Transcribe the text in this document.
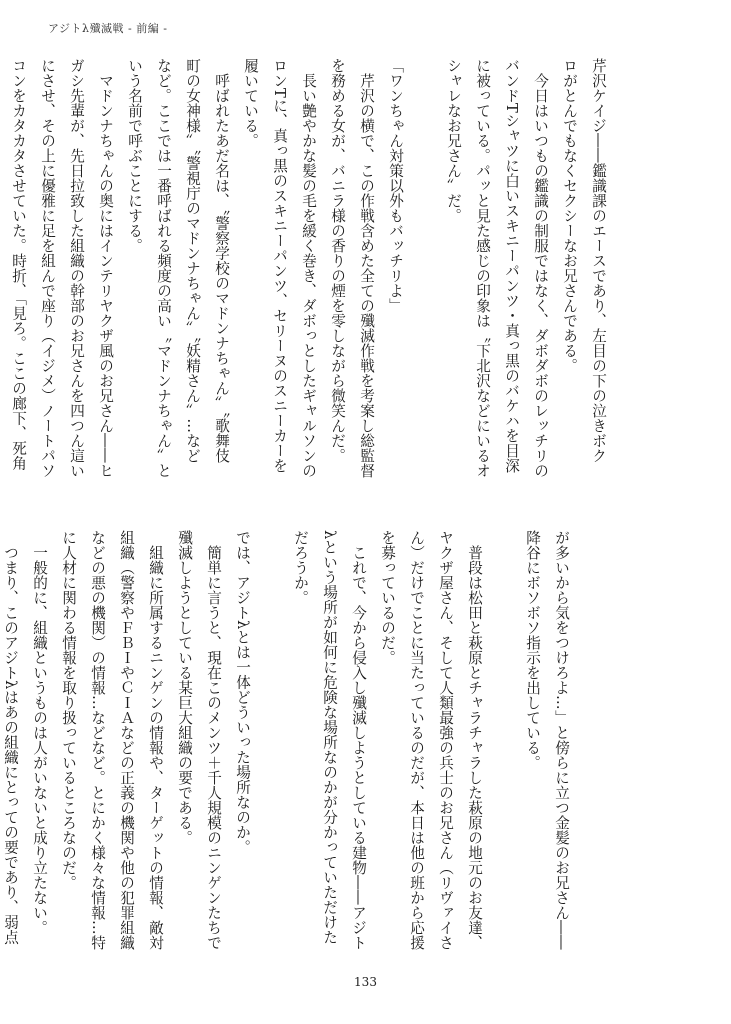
アジトλ殲滅戦 - 前編 -
芹沢ケイジ――鑑識課のエースであり、左目の下の泣きボク
ロがとんでもなくセクシーなお兄さんである。
今日はいつもの鑑識の制服ではなく、ダボダボのレッチリの
バンドTシャツに白いスキニーパンツ・真っ黒のバケハを目深
に被っている。パッと見た感じの印象は〝下北沢などにいるオ
シャレなお兄さん〟だ。
「ワンちゃん対策以外もバッチリよ」
芹沢の横で、この作戦含めた全ての殲滅作戦を考案し総監督
を務める女が、バニラ様の香りの煙を零しながら微笑んだ。
長い艶やかな髪の毛を緩く巻き、ダボっとしたギャルソンの
ロンTに、真っ黒のスキニーパンツ、セリーヌのスニーカーを
履いている。
呼ばれたあだ名は、〝警察学校のマドンナちゃん〟〝歌舞伎
町の女神様〟〝警視庁のマドンナちゃん〟〝妖精さん〟…など
など。ここでは一番呼ばれる頻度の高い〝マドンナちゃん〟と
いう名前で呼ぶことにする。
マドンナちゃんの奥にはインテリヤクザ風のお兄さん――ヒ
ガシ先輩が、先日拉致した組織の幹部のお兄さんを四つん這い
にさせ、その上に優雅に足を組んで座り（イジメ）ノートパソ
コンをカタカタさせていた。時折、「見ろ。ここの廊下、死角
が多いから気をつけろよ…」と傍らに立つ金髪のお兄さん――
降谷にボソボソ指示を出している。
普段は松田と萩原とチャラチャラした萩原の地元のお友達、
ヤクザ屋さん、そして人類最強の兵士のお兄さん（リヴァイさ
ん）だけでことに当たっているのだが、本日は他の班から応援
を募っているのだ。
これで、今から侵入し殲滅しようとしている建物――アジト
λという場所が如何に危険な場所なのかが分かっていただけた
だろうか。
では、アジトλとは一体どういった場所なのか。
簡単に言うと、現在このメンツ＋千人規模のニンゲンたちで
殲滅しようとしている某巨大組織の要である。
組織に所属するニンゲンの情報や、ターゲットの情報、敵対
組織（警察やＦＢＩやＣＩＡなどの正義の機関や他の犯罪組織
などの悪の機関）の情報…などなど。とにかく様々な情報…特
に人材に関わる情報を取り扱っているところなのだ。
一般的に、組織というものは人がいないと成り立たない。
つまり、このアジトλはあの組織にとっての要であり、弱点
133
